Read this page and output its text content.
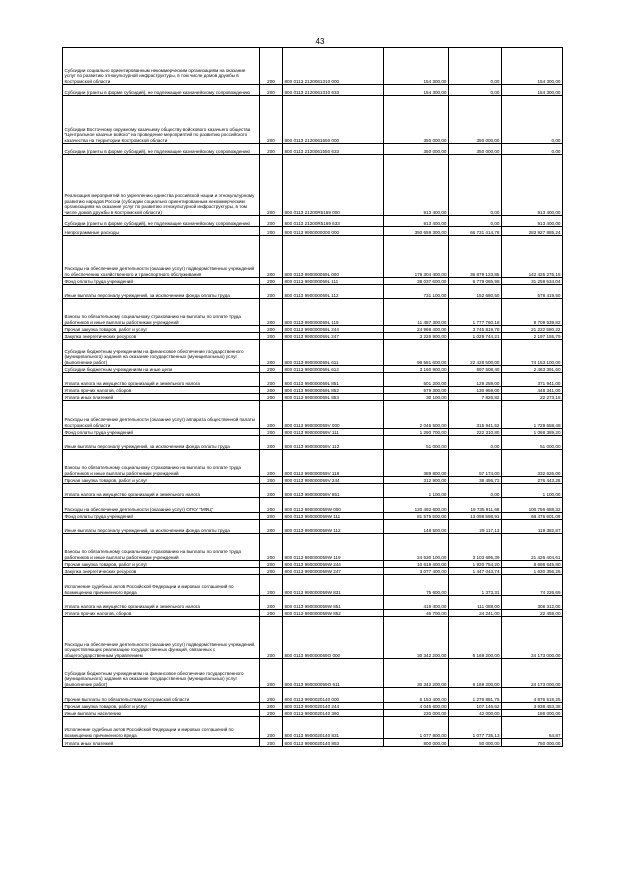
43
Субсидии социально ориентированным некоммерческим организациям на оказание услуг по развитию этнокультурной инфраструктуры, в том числе домов дружбы в Костромской области	200	800 0113 2120061310 000	154 300,00	0,00	154 300,00
Субсидии (гранты в форме субсидий), не подлежащие казначейскому сопровождению	200	800 0113 2120061310 633	154 300,00	0,00	154 300,00
Субсидии Восточному окружному казачьему обществу войскового казачьего общества "Центральное казачье войско" на проведение мероприятий по развитию российского казачества на территории Костромской области	200	800 0113 2120061550 000	350 000,00	350 000,00	0,00
Субсидии (гранты в форме субсидий), не подлежащие казначейскому сопровождению	200	800 0113 2120061550 633	350 000,00	350 000,00	0,00
Реализация мероприятий по укреплению единства российской нации и этнокультурному развитию народов России (субсидии социально ориентированным некоммерческим организациям на оказание услуг по развитию этнокультурной инфраструктуры, в том числе домов дружбы в Костромской области)	200	800 0113 21200R5169 000	913 400,00	0,00	913 400,00
Субсидии (гранты в форме субсидий), не подлежащие казначейскому сопровождению	200	800 0113 21200R5169 633	913 400,00	0,00	913 400,00
Непрограммные расходы	200	800 0113 9900000000 000	350 659 300,00	66 731 414,76	283 927 885,24
Расходы на обеспечение деятельности (оказание услуг) подведомственных учреждений по обеспечению хозяйственного и транспортного обслуживания	200	800 0113 990000059L 000	179 304 400,00	36 879 123,85	142 425 276,15
Фонд оплаты труда учреждений	200	800 0113 990000059L 111	38 037 600,00	6 779 065,98	31 258 534,04
Иные выплаты персоналу учреждений, за исключением фонда оплаты труда	200	800 0113 990000059L 112	731 100,00	152 680,50	578 419,50
Взносы по обязательному социальному страхованию на выплаты по оплате труда работников и иные выплаты работникам учреждений	200	800 0113 990000059L 119	11 487 300,00	1 777 760,18	9 709 539,82
Прочая закупка товаров, работ и услуг	200	800 0113 990000059L 244	24 968 400,00	3 745 819,78	21 222 580,22
Закупка энергетических ресурсов	200	800 0113 990000059L 247	3 226 900,00	1 029 744,21	2 197 155,79
Субсидии бюджетным учреждениям на финансовое обеспечение государственного (муниципального) задания на оказание государственных (муниципальных) услуг (выполнение работ)	200	800 0113 990000059L 611	96 581 600,00	22 428 500,00	74 153 100,00
Субсидии бюджетным учреждениям на иные цели	200	800 0113 990000059L 612	3 160 900,00	697 508,40	2 463 391,60
Уплата налога на имущество организаций и земельного налога	200	800 0113 990000059L 851	501 200,00	129 259,00	371 941,00
Уплата прочих налогов, сборов	200	800 0113 990000059L 852	579 300,00	130 959,00	448 341,00
Уплата иных платежей	200	800 0113 990000059L 853	30 100,00	7 826,82	22 273,18
Расходы на обеспечение деятельности (оказание услуг) аппарата общественной палаты Костромской области	200	800 0113 990000059V 000	2 045 500,00	315 941,52	1 729 558,48
Фонд оплаты труда учреждений	200	800 0113 990000059V 111	1 290 700,00	222 310,80	1 068 389,20
Иные выплаты персоналу учреждений, за исключением фонда оплаты труда	200	800 0113 990000059V 112	51 000,00	0,00	51 000,00
Взносы по обязательному социальному страхованию на выплаты по оплате труда работников и иные выплаты работникам учреждений	200	800 0113 990000059V 119	389 800,00	57 174,00	332 626,00
Прочая закупка товаров, работ и услуг	200	800 0113 990000059V 244	312 900,00	36 456,72	276 443,28
Уплата налога на имущество организаций и земельного налога	200	800 0113 990000059V 851	1 100,00	0,00	1 100,00
Расходы на обеспечение деятельности (оказание услуг) ОГКУ "МФЦ"	200	800 0113 990000059W 000	120 492 600,00	19 735 911,68	100 756 688,32
Фонд оплаты труда учреждений	200	800 0113 990000059W 111	81 575 500,00	13 098 598,91	68 476 901,09
Иные выплаты персоналу учреждений, за исключением фонда оплаты труда	200	800 0113 990000059W 112	148 500,00	29 117,13	119 382,87
Взносы по обязательному социальному страхованию на выплаты по оплате труда работников и иные выплаты работникам учреждений	200	800 0113 990000059W 119	24 530 100,00	3 103 695,39	21 426 404,61
Прочая закупка товаров, работ и услуг	200	800 0113 990000059W 244	10 619 400,00	1 920 754,20	8 698 645,80
Закупка энергетических ресурсов	200	800 0113 990000059W 247	3 077 400,00	1 447 043,74	1 630 356,26
Исполнение судебных актов Российской Федерации и мировых соглашений по возмещению причиненного вреда	200	800 0113 990000059W 831	75 600,00	1 373,31	74 226,69
Уплата налога на имущество организаций и земельного налога	200	800 0113 990000059W 851	419 400,00	111 088,00	308 312,00
Уплата прочих налогов, сборов	200	800 0113 990000059W 852	46 700,00	24 241,00	22 459,00
Расходы на обеспечение деятельности (оказание услуг) подведомственных учреждений, осуществляющих реализацию государственных функций, связанных с общегосударственным управлением	200	800 0113 990000059O 000	30 342 200,00	6 169 200,00	24 173 000,00
Субсидии бюджетным учреждениям на финансовое обеспечение государственного (муниципального) задания на оказание государственных (муниципальных) услуг (выполнение работ)	200	800 0113 990000059O 611	30 342 200,00	6 169 200,00	24 173 000,00
Прочие выплаты по обязательствам Костромской области	200	800 0113 9900020140 000	6 153 400,00	1 276 881,75	4 876 518,25
Прочая закупка товаров, работ и услуг	200	800 0113 9900020140 244	4 045 600,00	107 146,62	3 938 453,38
Иные выплаты населению	200	800 0113 9900020140 360	230 000,00	42 000,00	188 000,00
Исполнение судебных актов Российской Федерации и мировых соглашений по возмещению причиненного вреда	200	800 0113 9900020140 831	1 077 800,00	1 077 735,13	64,87
Уплата иных платежей	200	800 0113 9900020140 853	800 000,00	50 000,00	750 000,00
